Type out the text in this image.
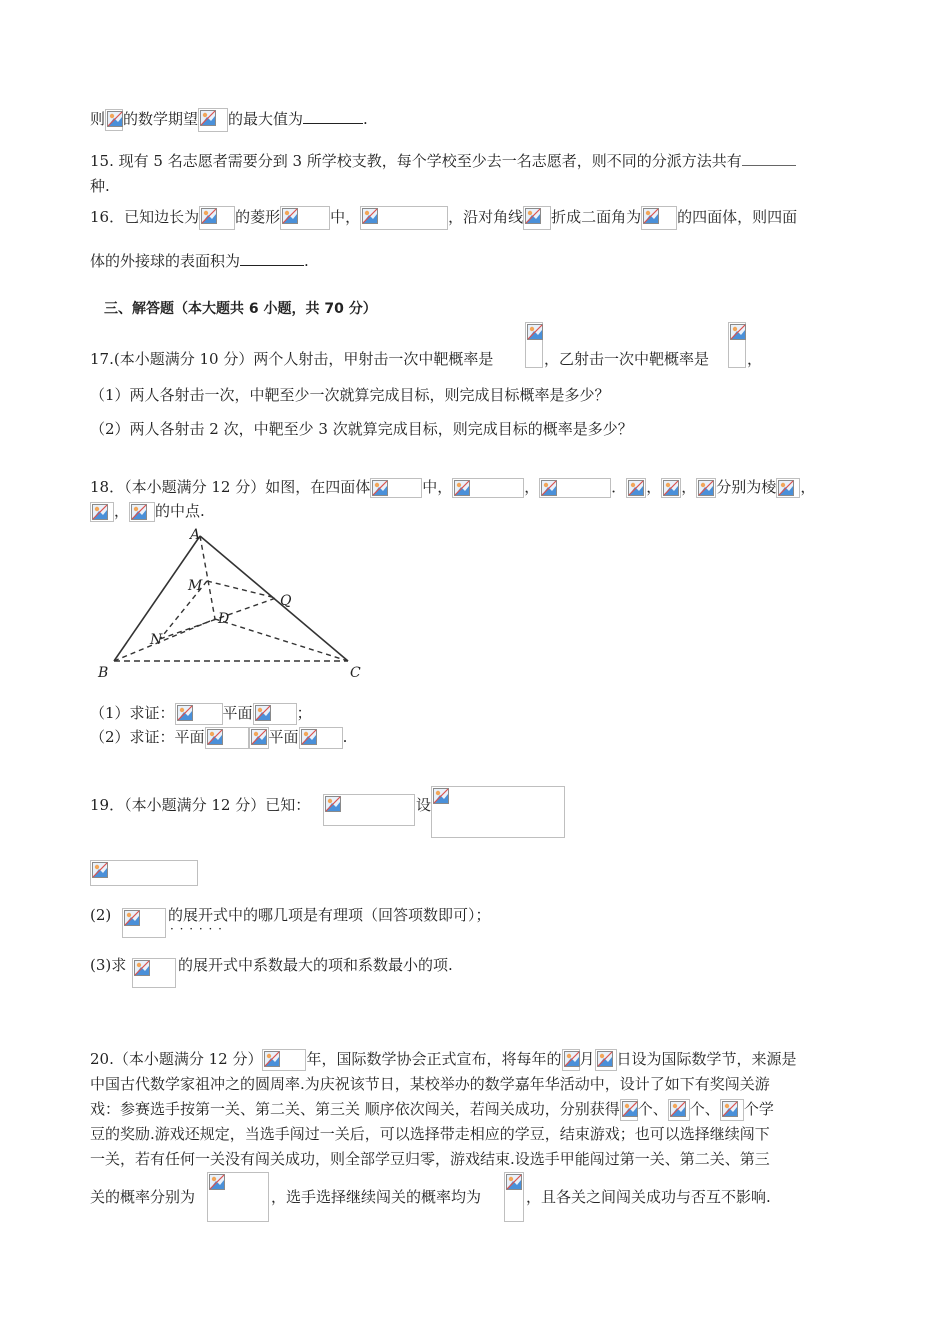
则 的数学期望 的最大值为	.
15. 现有 5 名志愿者需要分到 3 所学校支教，每个学校至少去一名志愿者，则不同的分派方法共有
种.
16．已知边长为 的菱形	中，	，沿对角线 折成二面角为 的四面体，则四面
体的外接球的表面积为	.
三、解答题（本大题共 6 小题，共 70 分）
17.(本小题满分 10 分）两个人射击，甲射击一次中靶概率是	，乙射击一次中靶概率是	，
（1）两人各射击一次，中靶至少一次就算完成目标，则完成目标概率是多少？
（2）两人各射击 2 次，中靶至少 3 次就算完成目标，则完成目标的概率是多少？
18．（本小题满分 12 分）如图，在四面体	中，	，	． ， ， 分别为棱 ，
， 的中点.
A
B	C
D
M
N
Q
（1）求证：	平面	；
（2）求证：平面	平面	.
19．（本小题满分 12 分）已知：	设
(2)	的展开式中的哪几项是有理项（回答项数即可）； · ·
(3)求	的展开式中系数最大的项和系数最小的项.
20.（本小题满分 12 分）	年，国际数学协会正式宣布，将每年的 月 日设为国际数学节，来源是
中国古代数学家祖冲之的圆周率.为庆祝该节日，某校举办的数学嘉年华活动中，设计了如下有奖闯关游
戏：参赛选手按第一关、第二关、第三关 顺序依次闯关，若闯关成功，分别获得 个、 个、 个学
豆的奖励.游戏还规定，当选手闯过一关后，可以选择带走相应的学豆，结束游戏；也可以选择继续闯下
一关，若有任何一关没有闯关成功，则全部学豆归零，游戏结束.设选手甲能闯过第一关、第二关、第三
关的概率分别为	，选手选择继续闯关的概率均为	，且各关之间闯关成功与否互不影响.
